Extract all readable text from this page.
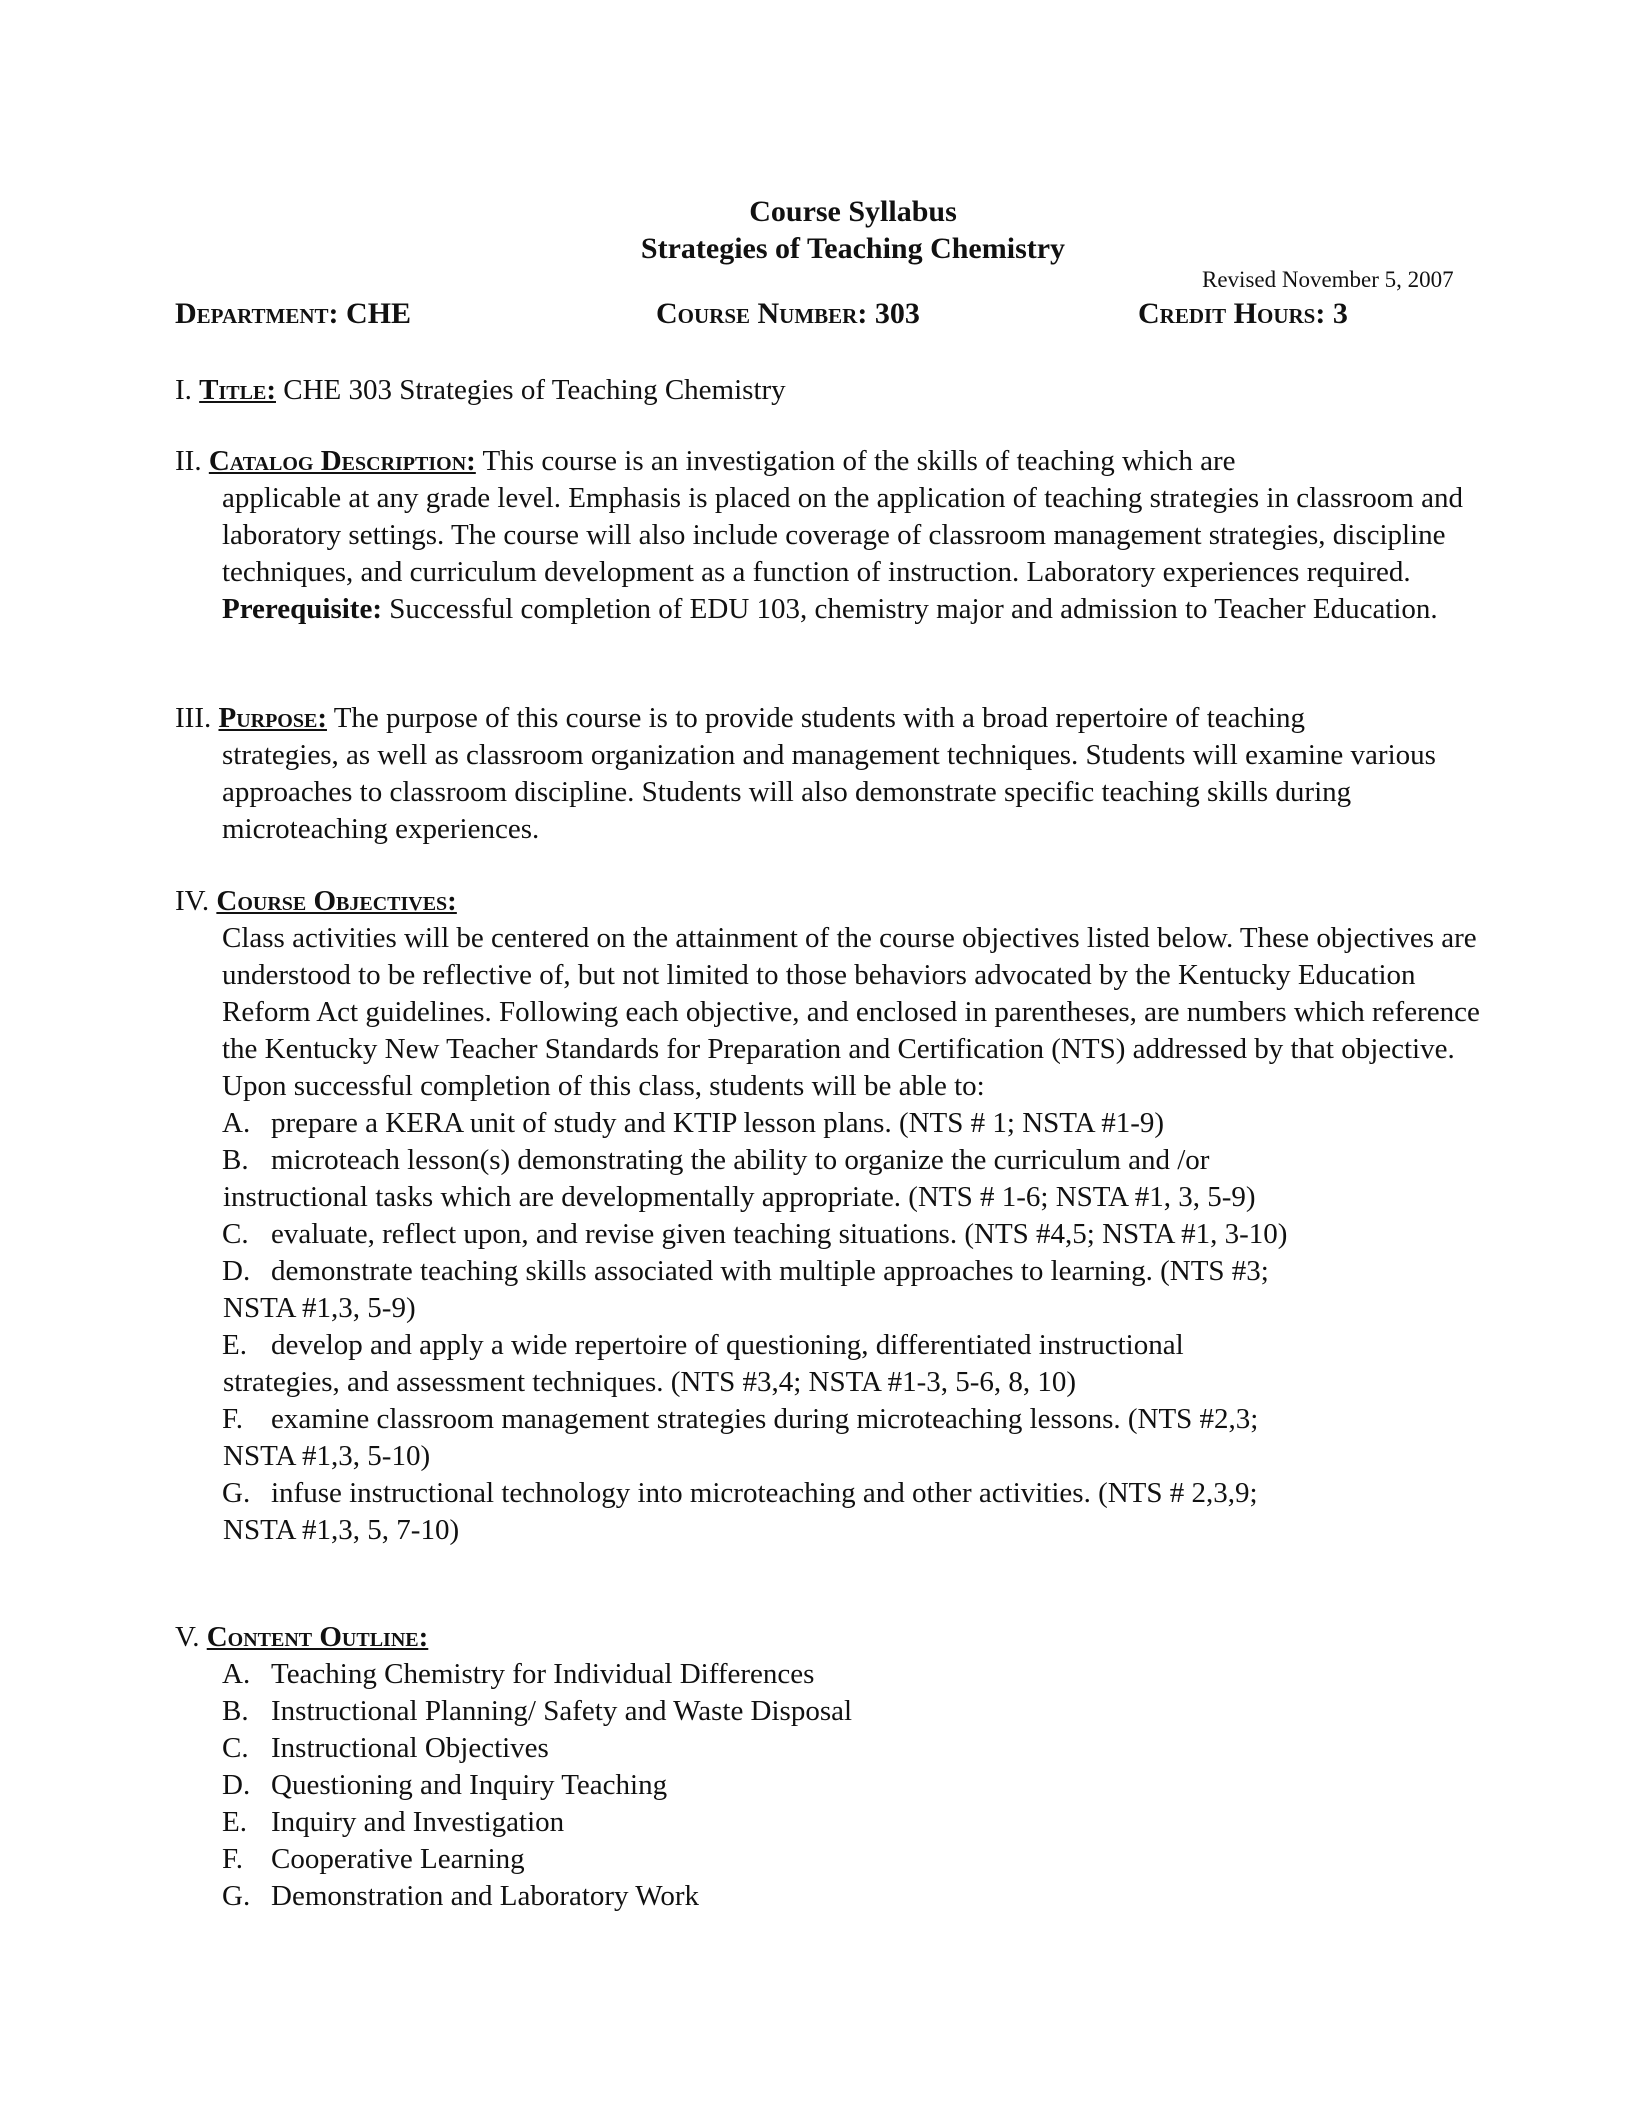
Course Syllabus
Strategies of Teaching Chemistry
Revised November 5, 2007
Department: CHE	Course Number: 303	Credit Hours: 3
I. Title: CHE 303 Strategies of Teaching Chemistry
II. Catalog Description: This course is an investigation of the skills of teaching which are
applicable at any grade level. Emphasis is placed on the application of teaching strategies in classroom and laboratory settings. The course will also include coverage of classroom management strategies, discipline techniques, and curriculum development as a function of instruction. Laboratory experiences required. Prerequisite: Successful completion of EDU 103, chemistry major and admission to Teacher Education.
III. Purpose: The purpose of this course is to provide students with a broad repertoire of teaching
strategies, as well as classroom organization and management techniques. Students will examine various approaches to classroom discipline. Students will also demonstrate specific teaching skills during microteaching experiences.
IV. Course Objectives:
Class activities will be centered on the attainment of the course objectives listed below. These objectives are understood to be reflective of, but not limited to those behaviors advocated by the Kentucky Education Reform Act guidelines. Following each objective, and enclosed in parentheses, are numbers which reference the Kentucky New Teacher Standards for Preparation and Certification (NTS) addressed by that objective. Upon successful completion of this class, students will be able to:
A. prepare a KERA unit of study and KTIP lesson plans. (NTS # 1; NSTA #1-9)
B. microteach lesson(s) demonstrating the ability to organize the curriculum and /or
instructional tasks which are developmentally appropriate. (NTS # 1-6; NSTA #1, 3, 5-9)
C. evaluate, reflect upon, and revise given teaching situations. (NTS #4,5; NSTA #1, 3-10)
D. demonstrate teaching skills associated with multiple approaches to learning. (NTS #3;
NSTA #1,3, 5-9)
E. develop and apply a wide repertoire of questioning, differentiated instructional
strategies, and assessment techniques. (NTS #3,4; NSTA #1-3, 5-6, 8, 10)
F. examine classroom management strategies during microteaching lessons. (NTS #2,3;
NSTA #1,3, 5-10)
G. infuse instructional technology into microteaching and other activities. (NTS # 2,3,9;
NSTA #1,3, 5, 7-10)
V. Content Outline:
A. Teaching Chemistry for Individual Differences
B. Instructional Planning/ Safety and Waste Disposal
C. Instructional Objectives
D. Questioning and Inquiry Teaching
E. Inquiry and Investigation
F. Cooperative Learning
G. Demonstration and Laboratory Work
